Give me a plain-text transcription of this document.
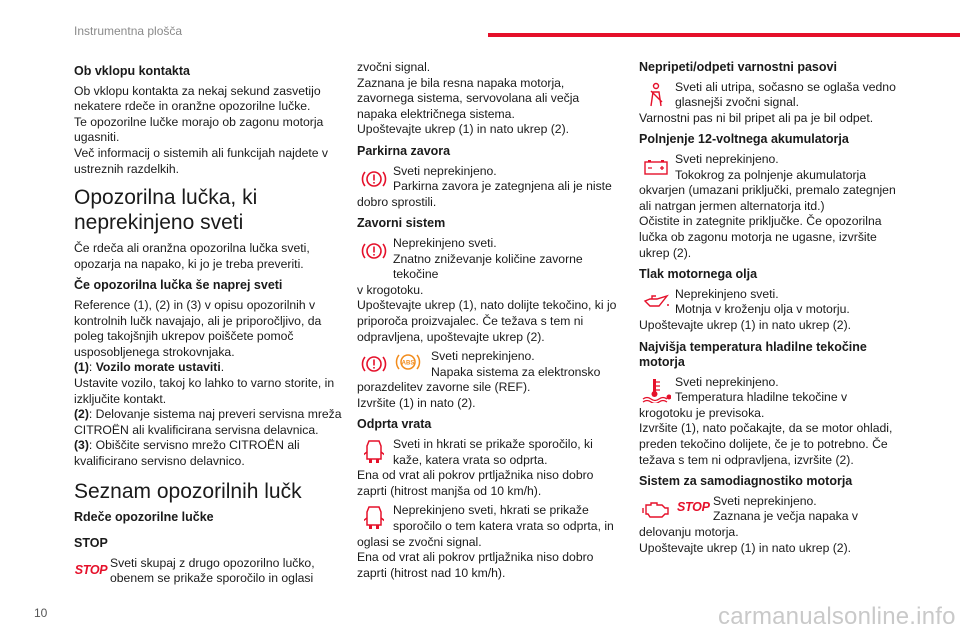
Instrumentna plošča
Ob vklopu kontakta
Ob vklopu kontakta za nekaj sekund zasvetijo nekatere rdeče in oranžne opozorilne lučke.
Te opozorilne lučke morajo ob zagonu motorja ugasniti.
Več informacij o sistemih ali funkcijah najdete v ustreznih razdelkih.
Opozorilna lučka, ki neprekinjeno sveti
Če rdeča ali oranžna opozorilna lučka sveti, opozarja na napako, ki jo je treba preveriti.
Če opozorilna lučka še naprej sveti
Reference (1), (2) in (3) v opisu opozorilnih v kontrolnih lučk navajajo, ali je priporočljivo, da poleg takojšnjih ukrepov poiščete pomoč usposobljenega strokovnjaka.
(1): Vozilo morate ustaviti.
Ustavite vozilo, takoj ko lahko to varno storite, in izključite kontakt.
(2): Delovanje sistema naj preveri servisna mreža CITROËN ali kvalificirana servisna delavnica.
(3): Obiščite servisno mrežo CITROËN ali kvalificirano servisno delavnico.
Seznam opozorilnih lučk
Rdeče opozorilne lučke
STOP
STOP
Sveti skupaj z drugo opozorilno lučko, obenem se prikaže sporočilo in oglasi
zvočni signal.
Zaznana je bila resna napaka motorja, zavornega sistema, servovolana ali večja napaka električnega sistema.
Upoštevajte ukrep (1) in nato ukrep (2).
Parkirna zavora
Sveti neprekinjeno.
Parkirna zavora je zategnjena ali je niste
dobro sprostili.
Zavorni sistem
Neprekinjeno sveti.
Znatno zniževanje količine zavorne tekočine
v krogotoku.
Upoštevajte ukrep (1), nato dolijte tekočino, ki jo priporoča proizvajalec. Če težava s tem ni odpravljena, upoštevajte ukrep (2).
ABS
Sveti neprekinjeno.
Napaka sistema za elektronsko
porazdelitev zavorne sile (REF).
Izvršite (1) in nato (2).
Odprta vrata
Sveti in hkrati se prikaže sporočilo, ki kaže, katera vrata so odprta.
Ena od vrat ali pokrov prtljažnika niso dobro zaprti (hitrost manjša od 10 km/h).
Neprekinjeno sveti, hkrati se prikaže sporočilo o tem katera vrata so odprta, in
oglasi se zvočni signal.
Ena od vrat ali pokrov prtljažnika niso dobro zaprti (hitrost nad 10 km/h).
Nepripeti/odpeti varnostni pasovi
Sveti ali utripa, sočasno se oglaša vedno glasnejši zvočni signal.
Varnostni pas ni bil pripet ali pa je bil odpet.
Polnjenje 12-voltnega akumulatorja
Sveti neprekinjeno.
Tokokrog za polnjenje akumulatorja
okvarjen (umazani priključki, premalo zategnjen ali natrgan jermen alternatorja itd.)
Očistite in zategnite priključke. Če opozorilna lučka ob zagonu motorja ne ugasne, izvršite ukrep (2).
Tlak motornega olja
Neprekinjeno sveti.
Motnja v kroženju olja v motorju.
Upoštevajte ukrep (1) in nato ukrep (2).
Najvišja temperatura hladilne tekočine motorja
Sveti neprekinjeno.
Temperatura hladilne tekočine v
krogotoku je previsoka.
Izvršite (1), nato počakajte, da se motor ohladi, preden tekočino dolijete, če je to potrebno. Če težava s tem ni odpravljena, izvršite (2).
Sistem za samodiagnostiko motorja
STOP Sveti neprekinjeno.
Zaznana je večja napaka v
delovanju motorja.
Upoštevajte ukrep (1) in nato ukrep (2).
10	carmanualsonline.info
